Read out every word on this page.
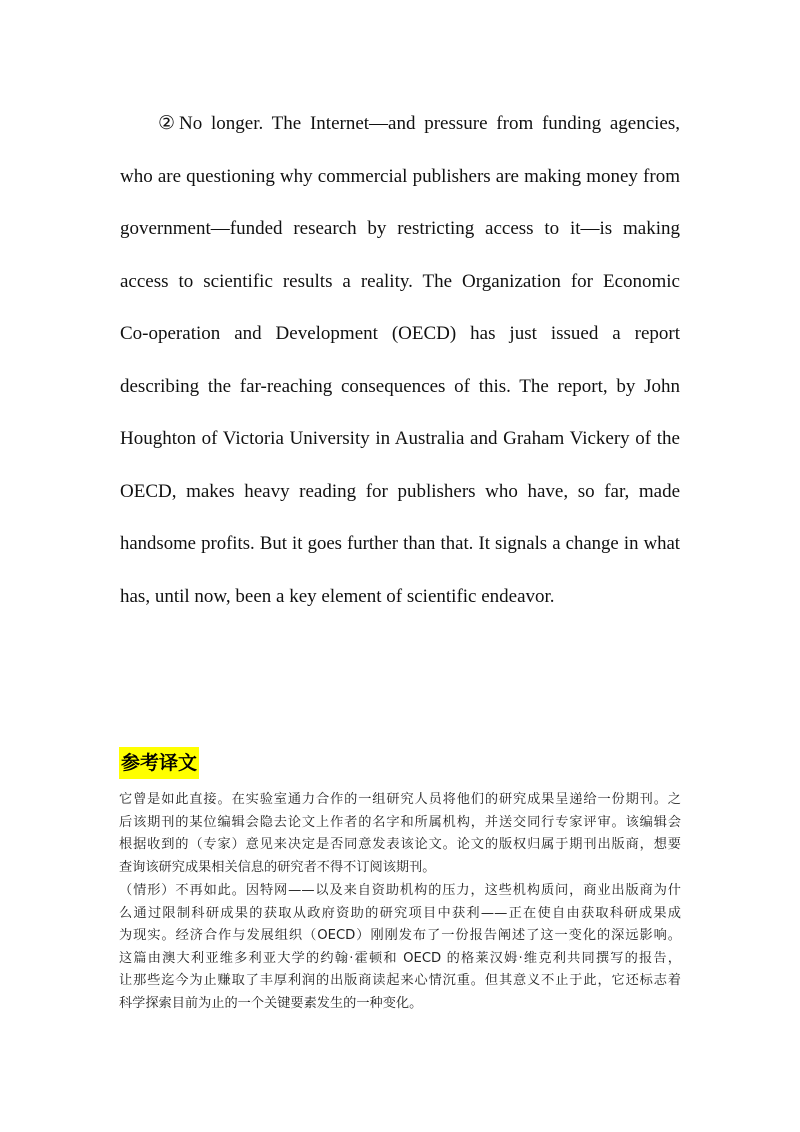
②No longer. The Internet—and pressure from funding agencies,
who are questioning why commercial publishers are making money from
government—funded research by restricting access to it—is making
access to scientific results a reality. The Organization for Economic
Co-operation and Development (OECD) has just issued a report
describing the far-reaching consequences of this. The report, by John
Houghton of Victoria University in Australia and Graham Vickery of the
OECD, makes heavy reading for publishers who have, so far, made
handsome profits. But it goes further than that. It signals a change in what
has, until now, been a key element of scientific endeavor.
参考译文
它曾是如此直接。在实验室通力合作的一组研究人员将他们的研究成果呈递给一份期刊。之
后该期刊的某位编辑会隐去论文上作者的名字和所属机构，并送交同行专家评审。该编辑会
根据收到的（专家）意见来决定是否同意发表该论文。论文的版权归属于期刊出版商，想要
查询该研究成果相关信息的研究者不得不订阅该期刊。
（情形）不再如此。因特网——以及来自资助机构的压力，这些机构质问，商业出版商为什
么通过限制科研成果的获取从政府资助的研究项目中获利——正在使自由获取科研成果成
为现实。经济合作与发展组织（OECD）刚刚发布了一份报告阐述了这一变化的深远影响。
这篇由澳大利亚维多利亚大学的约翰·霍顿和 OECD 的格莱汉姆·维克利共同撰写的报告，
让那些迄今为止赚取了丰厚利润的出版商读起来心情沉重。但其意义不止于此，它还标志着
科学探索目前为止的一个关键要素发生的一种变化。
